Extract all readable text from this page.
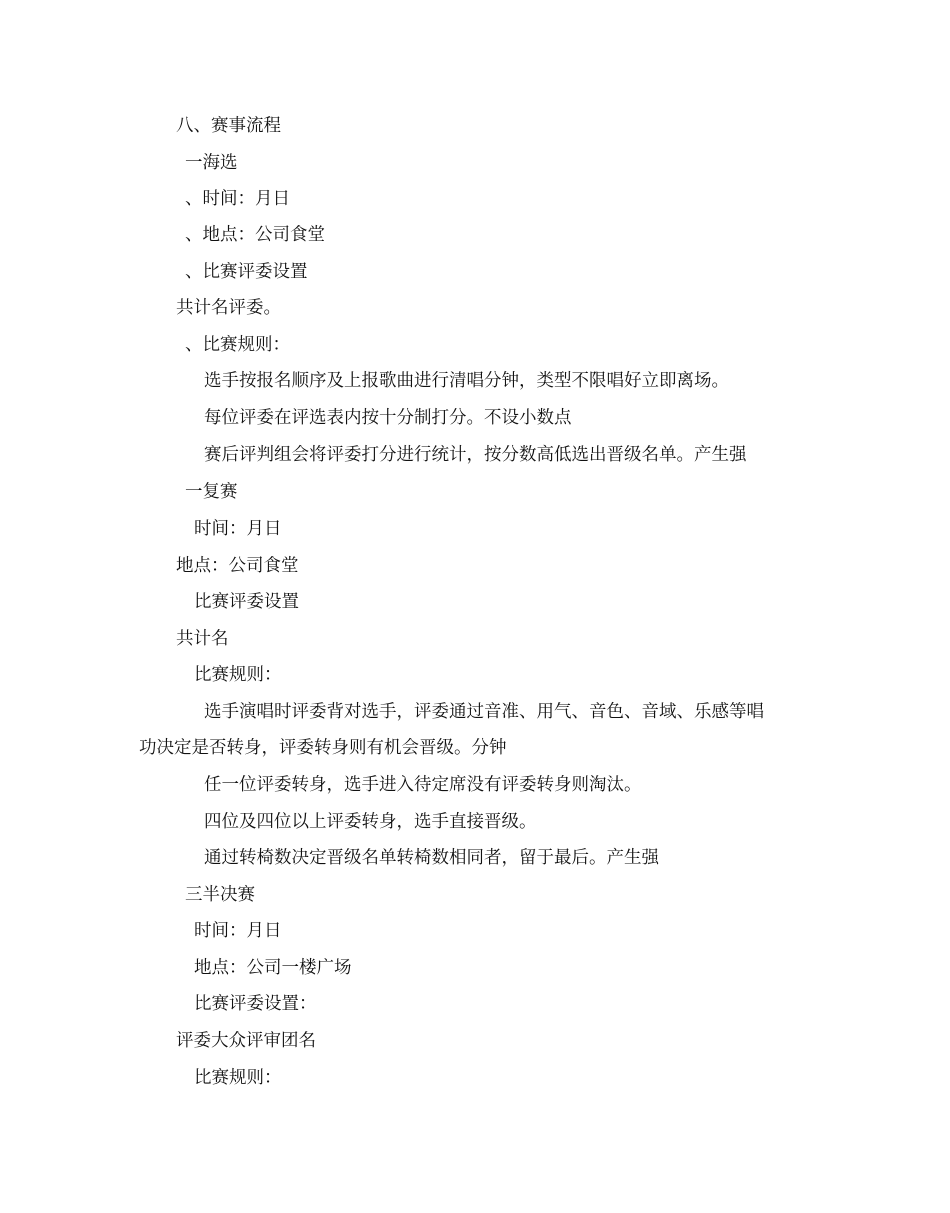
八、赛事流程
一海选
、时间：月日
、地点：公司食堂
、比赛评委设置
共计名评委。
、比赛规则：
选手按报名顺序及上报歌曲进行清唱分钟，类型不限唱好立即离场。
每位评委在评选表内按十分制打分。不设小数点
赛后评判组会将评委打分进行统计，按分数高低选出晋级名单。产生强
一复赛
时间：月日
地点：公司食堂
比赛评委设置
共计名
比赛规则：
选手演唱时评委背对选手，评委通过音准、用气、音色、音域、乐感等唱
功决定是否转身，评委转身则有机会晋级。分钟
任一位评委转身，选手进入待定席没有评委转身则淘汰。
四位及四位以上评委转身，选手直接晋级。
通过转椅数决定晋级名单转椅数相同者，留于最后。产生强
三半决赛
时间：月日
地点：公司一楼广场
比赛评委设置：
评委大众评审团名
比赛规则：
